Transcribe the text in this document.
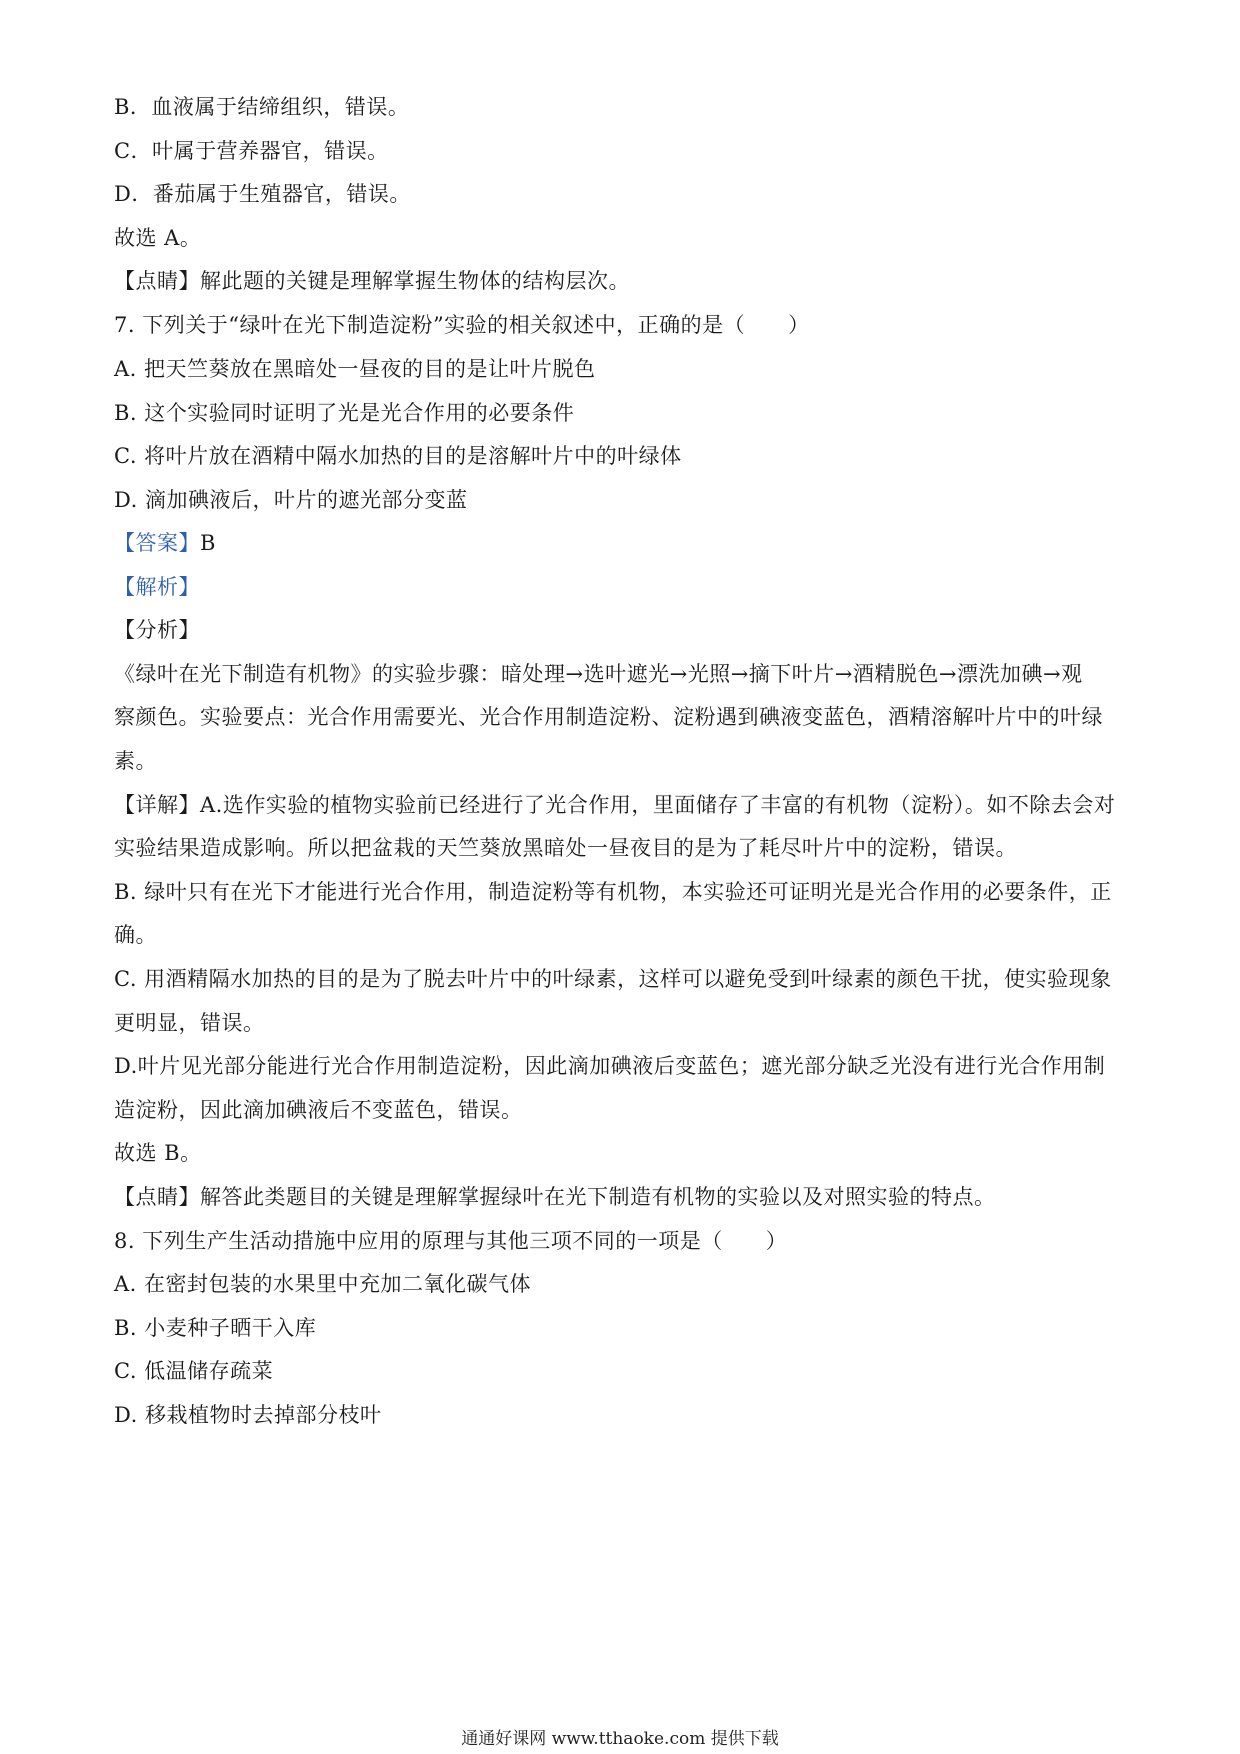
B．血液属于结缔组织，错误。
C．叶属于营养器官，错误。
D．番茄属于生殖器官，错误。
故选 A。
【点睛】解此题的关键是理解掌握生物体的结构层次。
7. 下列关于“绿叶在光下制造淀粉”实验的相关叙述中，正确的是（　　）
A. 把天竺葵放在黑暗处一昼夜的目的是让叶片脱色
B. 这个实验同时证明了光是光合作用的必要条件
C. 将叶片放在酒精中隔水加热的目的是溶解叶片中的叶绿体
D. 滴加碘液后，叶片的遮光部分变蓝
【答案】B
【解析】
【分析】
《绿叶在光下制造有机物》的实验步骤：暗处理→选叶遮光→光照→摘下叶片→酒精脱色→漂洗加碘→观
察颜色。实验要点：光合作用需要光、光合作用制造淀粉、淀粉遇到碘液变蓝色，酒精溶解叶片中的叶绿
素。
【详解】A.选作实验的植物实验前已经进行了光合作用，里面储存了丰富的有机物（淀粉）。如不除去会对
实验结果造成影响。所以把盆栽的天竺葵放黑暗处一昼夜目的是为了耗尽叶片中的淀粉，错误。
B. 绿叶只有在光下才能进行光合作用，制造淀粉等有机物，本实验还可证明光是光合作用的必要条件，正
确。
C. 用酒精隔水加热的目的是为了脱去叶片中的叶绿素，这样可以避免受到叶绿素的颜色干扰，使实验现象
更明显，错误。
D.叶片见光部分能进行光合作用制造淀粉，因此滴加碘液后变蓝色；遮光部分缺乏光没有进行光合作用制
造淀粉，因此滴加碘液后不变蓝色，错误。
故选 B。
【点睛】解答此类题目的关键是理解掌握绿叶在光下制造有机物的实验以及对照实验的特点。
8. 下列生产生活动措施中应用的原理与其他三项不同的一项是（　　）
A. 在密封包装的水果里中充加二氧化碳气体
B. 小麦种子晒干入库
C. 低温储存疏菜
D. 移栽植物时去掉部分枝叶
通通好课网 www.tthaoke.com 提供下载
